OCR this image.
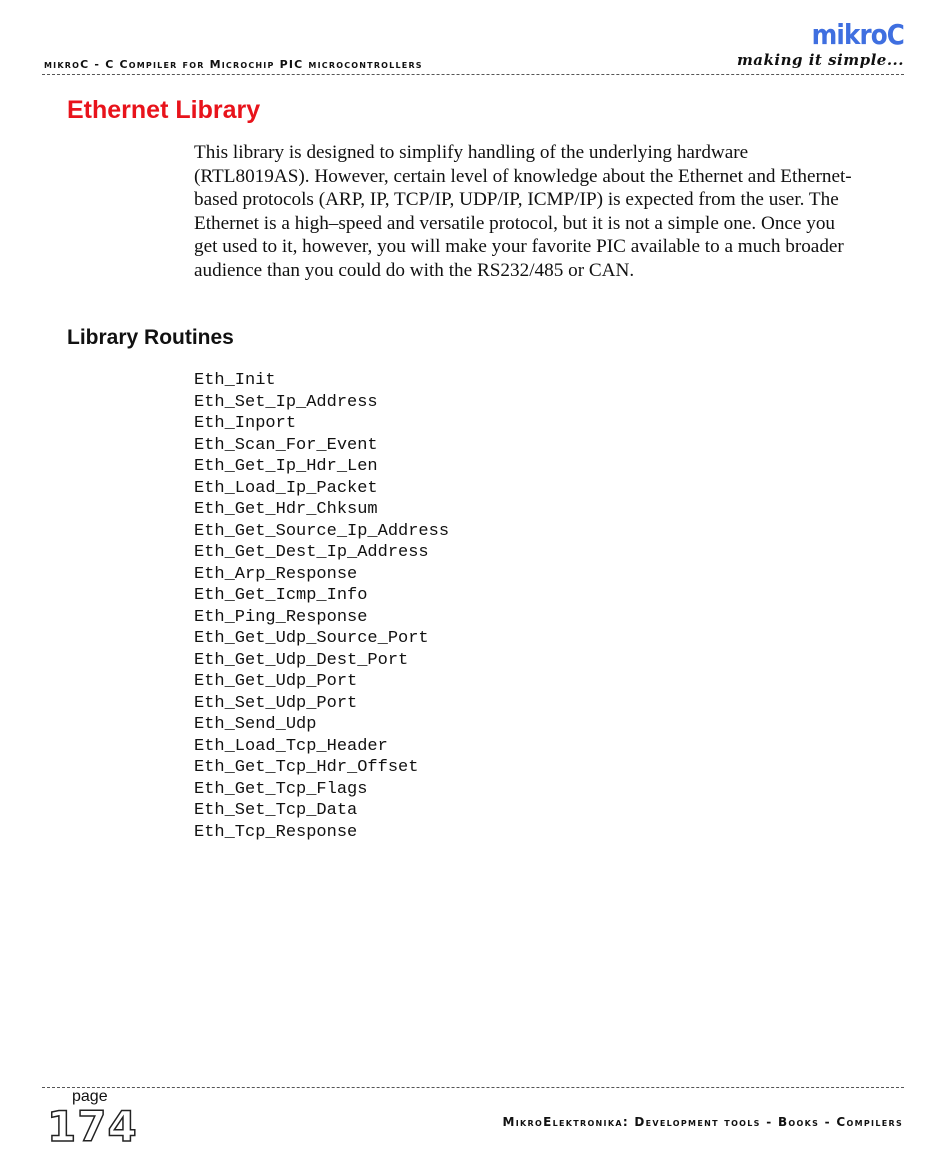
mikroC
making it simple...
mikroC - C Compiler for Microchip PIC microcontrollers
Ethernet Library

This library is designed to simplify handling of the underlying hardware (RTL8019AS). However, certain level of knowledge about the Ethernet and Ethernet-based protocols (ARP, IP, TCP/IP, UDP/IP, ICMP/IP) is expected from the user. The Ethernet is a high–speed and versatile protocol, but it is not a simple one. Once you get used to it, however, you will make your favorite PIC available to a much broader audience than you could do with the RS232/485 or CAN.

Library Routines
Eth_Init
Eth_Set_Ip_Address
Eth_Inport
Eth_Scan_For_Event
Eth_Get_Ip_Hdr_Len
Eth_Load_Ip_Packet
Eth_Get_Hdr_Chksum
Eth_Get_Source_Ip_Address
Eth_Get_Dest_Ip_Address
Eth_Arp_Response
Eth_Get_Icmp_Info
Eth_Ping_Response
Eth_Get_Udp_Source_Port
Eth_Get_Udp_Dest_Port
Eth_Get_Udp_Port
Eth_Set_Udp_Port
Eth_Send_Udp
Eth_Load_Tcp_Header
Eth_Get_Tcp_Hdr_Offset
Eth_Get_Tcp_Flags
Eth_Set_Tcp_Data
Eth_Tcp_Response
page
174	MikroElektronika: Development tools - Books - Compilers
